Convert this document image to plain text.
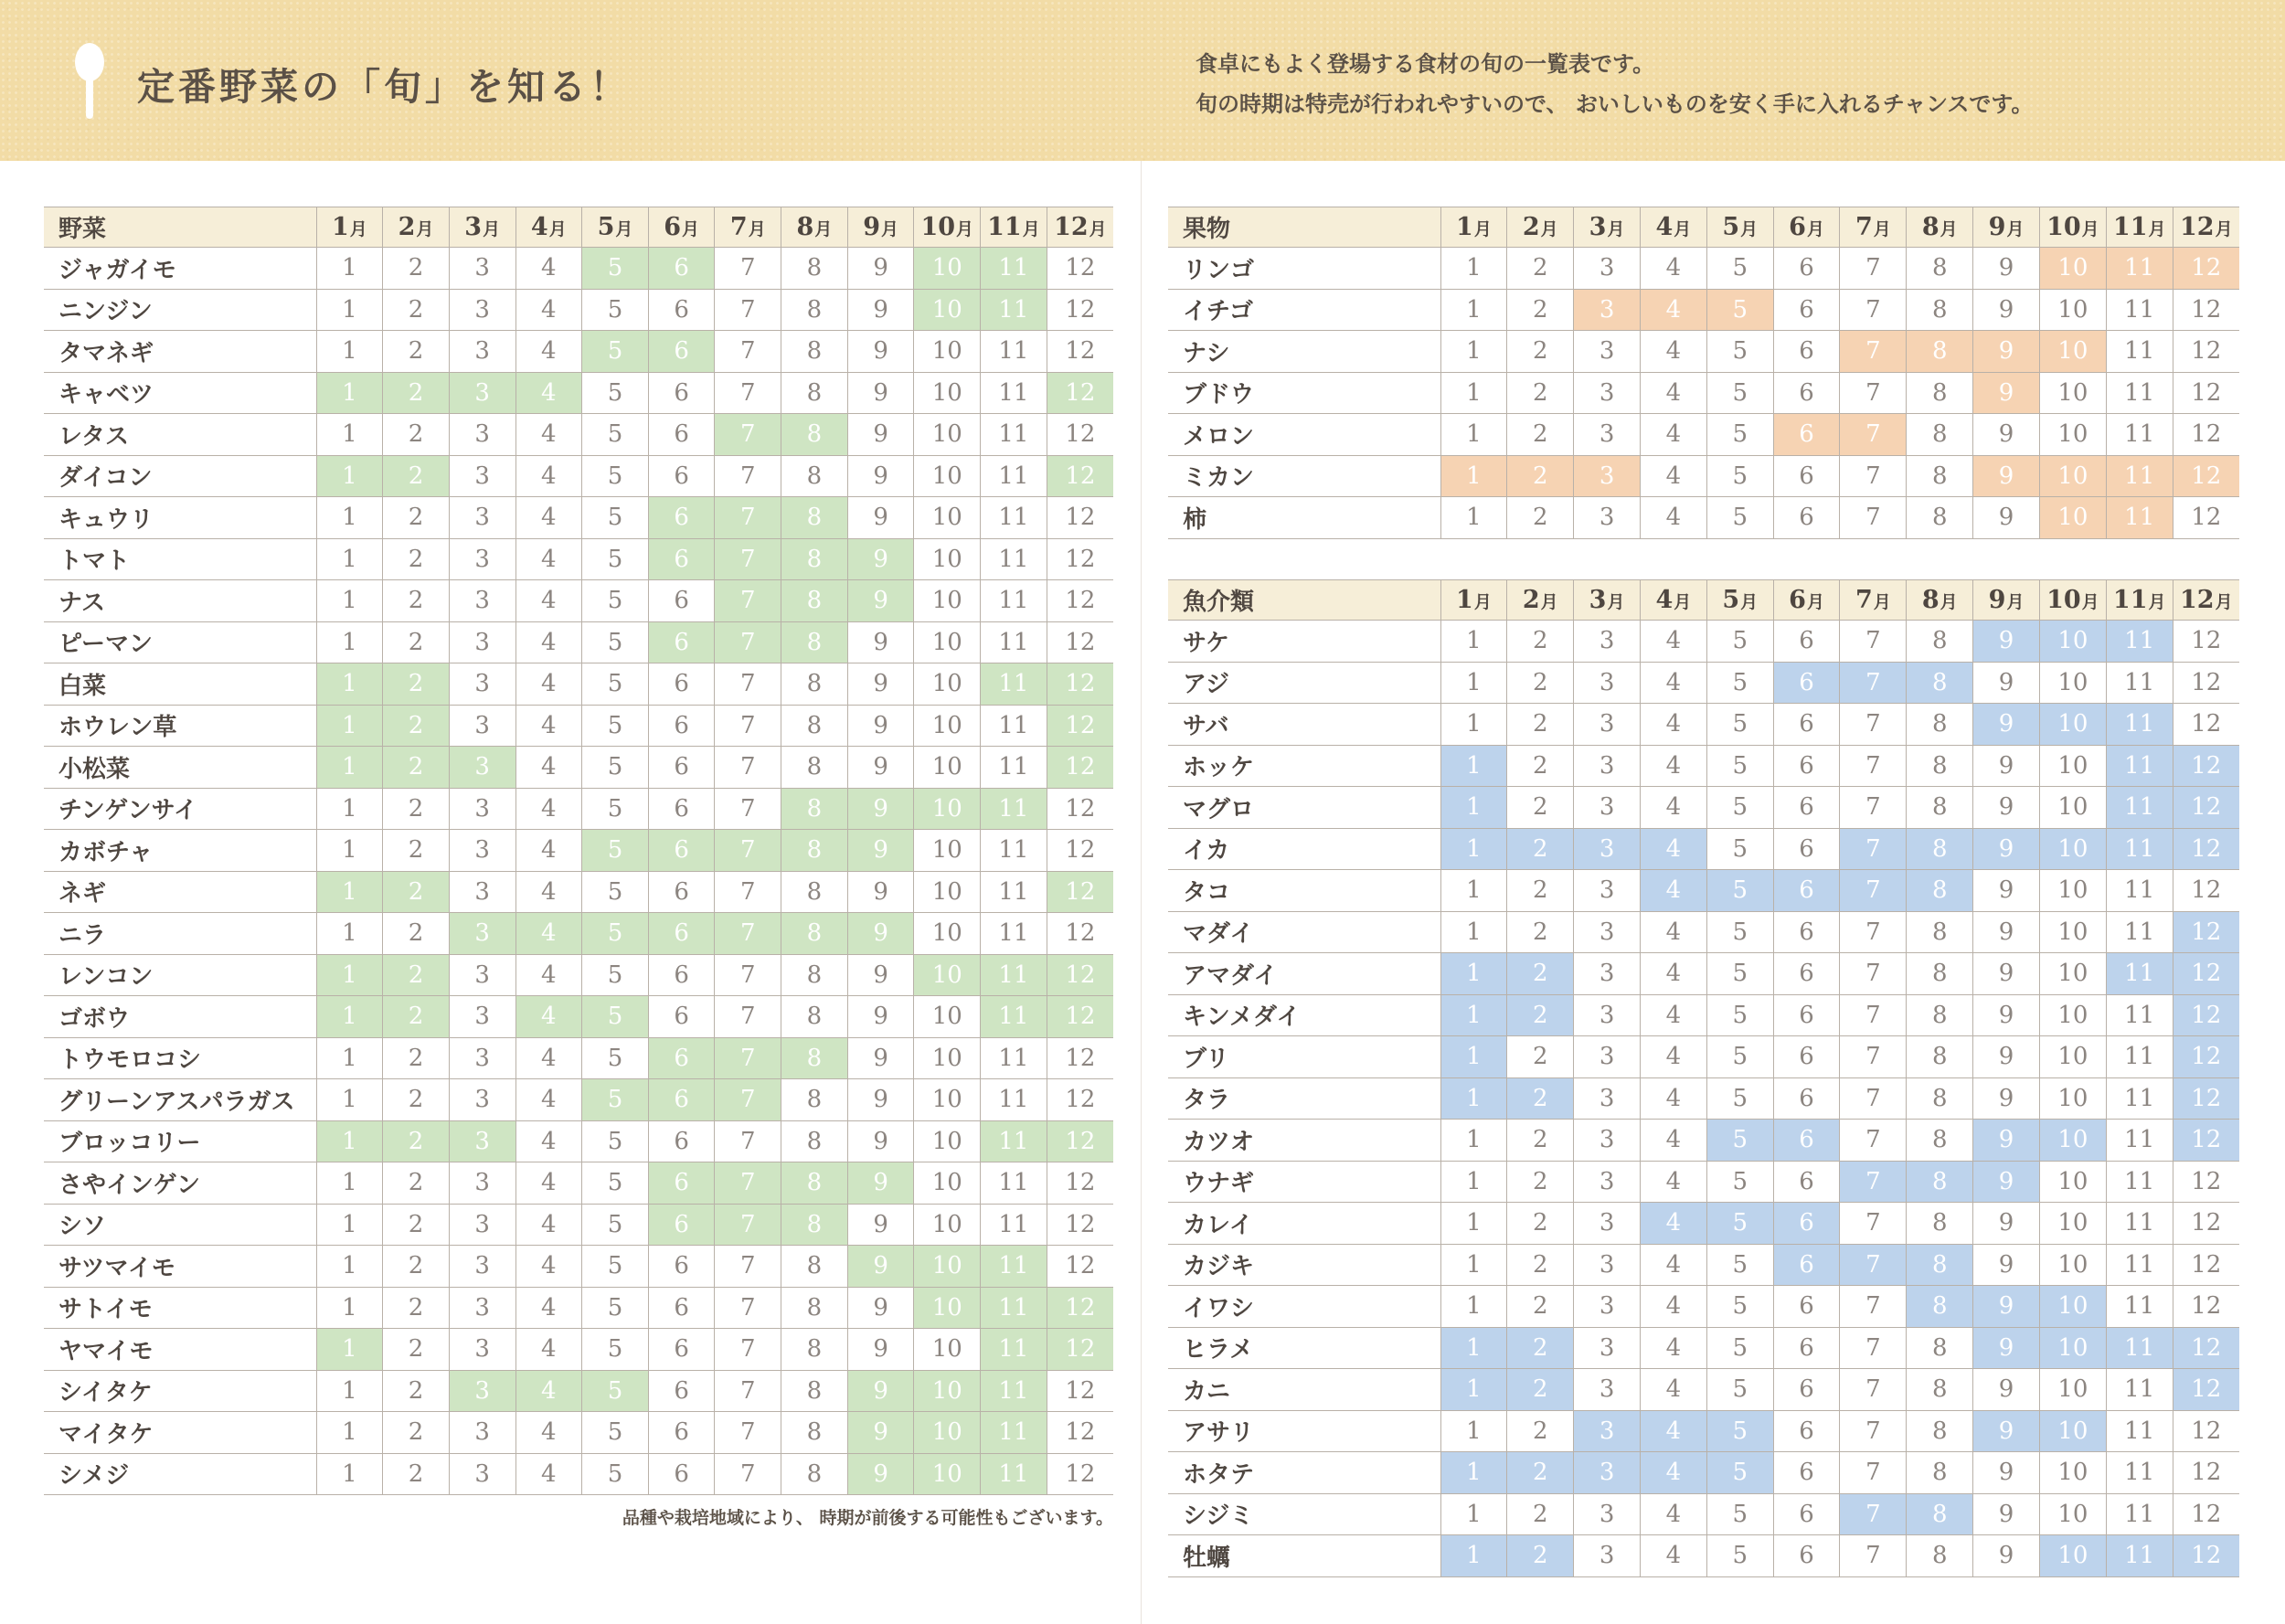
定番野菜の「旬」を知る！
食卓にもよく登場する食材の旬の一覧表です。
旬の時期は特売が行われやすいので、 おいしいものを安く手に入れるチャンスです。
野菜	1月	2月	3月	4月	5月	6月	7月	8月	9月	10月	11月	12月
ジャガイモ	1	2	3	4	5	6	7	8	9	10	11	12
ニンジン	1	2	3	4	5	6	7	8	9	10	11	12
タマネギ	1	2	3	4	5	6	7	8	9	10	11	12
キャベツ	1	2	3	4	5	6	7	8	9	10	11	12
レタス	1	2	3	4	5	6	7	8	9	10	11	12
ダイコン	1	2	3	4	5	6	7	8	9	10	11	12
キュウリ	1	2	3	4	5	6	7	8	9	10	11	12
トマト	1	2	3	4	5	6	7	8	9	10	11	12
ナス	1	2	3	4	5	6	7	8	9	10	11	12
ピーマン	1	2	3	4	5	6	7	8	9	10	11	12
白菜	1	2	3	4	5	6	7	8	9	10	11	12
ホウレン草	1	2	3	4	5	6	7	8	9	10	11	12
小松菜	1	2	3	4	5	6	7	8	9	10	11	12
チンゲンサイ	1	2	3	4	5	6	7	8	9	10	11	12
カボチャ	1	2	3	4	5	6	7	8	9	10	11	12
ネギ	1	2	3	4	5	6	7	8	9	10	11	12
ニラ	1	2	3	4	5	6	7	8	9	10	11	12
レンコン	1	2	3	4	5	6	7	8	9	10	11	12
ゴボウ	1	2	3	4	5	6	7	8	9	10	11	12
トウモロコシ	1	2	3	4	5	6	7	8	9	10	11	12
グリーンアスパラガス	1	2	3	4	5	6	7	8	9	10	11	12
ブロッコリー	1	2	3	4	5	6	7	8	9	10	11	12
さやインゲン	1	2	3	4	5	6	7	8	9	10	11	12
シソ	1	2	3	4	5	6	7	8	9	10	11	12
サツマイモ	1	2	3	4	5	6	7	8	9	10	11	12
サトイモ	1	2	3	4	5	6	7	8	9	10	11	12
ヤマイモ	1	2	3	4	5	6	7	8	9	10	11	12
シイタケ	1	2	3	4	5	6	7	8	9	10	11	12
マイタケ	1	2	3	4	5	6	7	8	9	10	11	12
シメジ	1	2	3	4	5	6	7	8	9	10	11	12
果物	1月	2月	3月	4月	5月	6月	7月	8月	9月	10月	11月	12月
リンゴ	1	2	3	4	5	6	7	8	9	10	11	12
イチゴ	1	2	3	4	5	6	7	8	9	10	11	12
ナシ	1	2	3	4	5	6	7	8	9	10	11	12
ブドウ	1	2	3	4	5	6	7	8	9	10	11	12
メロン	1	2	3	4	5	6	7	8	9	10	11	12
ミカン	1	2	3	4	5	6	7	8	9	10	11	12
柿	1	2	3	4	5	6	7	8	9	10	11	12
魚介類	1月	2月	3月	4月	5月	6月	7月	8月	9月	10月	11月	12月
サケ	1	2	3	4	5	6	7	8	9	10	11	12
アジ	1	2	3	4	5	6	7	8	9	10	11	12
サバ	1	2	3	4	5	6	7	8	9	10	11	12
ホッケ	1	2	3	4	5	6	7	8	9	10	11	12
マグロ	1	2	3	4	5	6	7	8	9	10	11	12
イカ	1	2	3	4	5	6	7	8	9	10	11	12
タコ	1	2	3	4	5	6	7	8	9	10	11	12
マダイ	1	2	3	4	5	6	7	8	9	10	11	12
アマダイ	1	2	3	4	5	6	7	8	9	10	11	12
キンメダイ	1	2	3	4	5	6	7	8	9	10	11	12
ブリ	1	2	3	4	5	6	7	8	9	10	11	12
タラ	1	2	3	4	5	6	7	8	9	10	11	12
カツオ	1	2	3	4	5	6	7	8	9	10	11	12
ウナギ	1	2	3	4	5	6	7	8	9	10	11	12
カレイ	1	2	3	4	5	6	7	8	9	10	11	12
カジキ	1	2	3	4	5	6	7	8	9	10	11	12
イワシ	1	2	3	4	5	6	7	8	9	10	11	12
ヒラメ	1	2	3	4	5	6	7	8	9	10	11	12
カニ	1	2	3	4	5	6	7	8	9	10	11	12
アサリ	1	2	3	4	5	6	7	8	9	10	11	12
ホタテ	1	2	3	4	5	6	7	8	9	10	11	12
シジミ	1	2	3	4	5	6	7	8	9	10	11	12
牡蠣	1	2	3	4	5	6	7	8	9	10	11	12
品種や栽培地域により、 時期が前後する可能性もございます。
